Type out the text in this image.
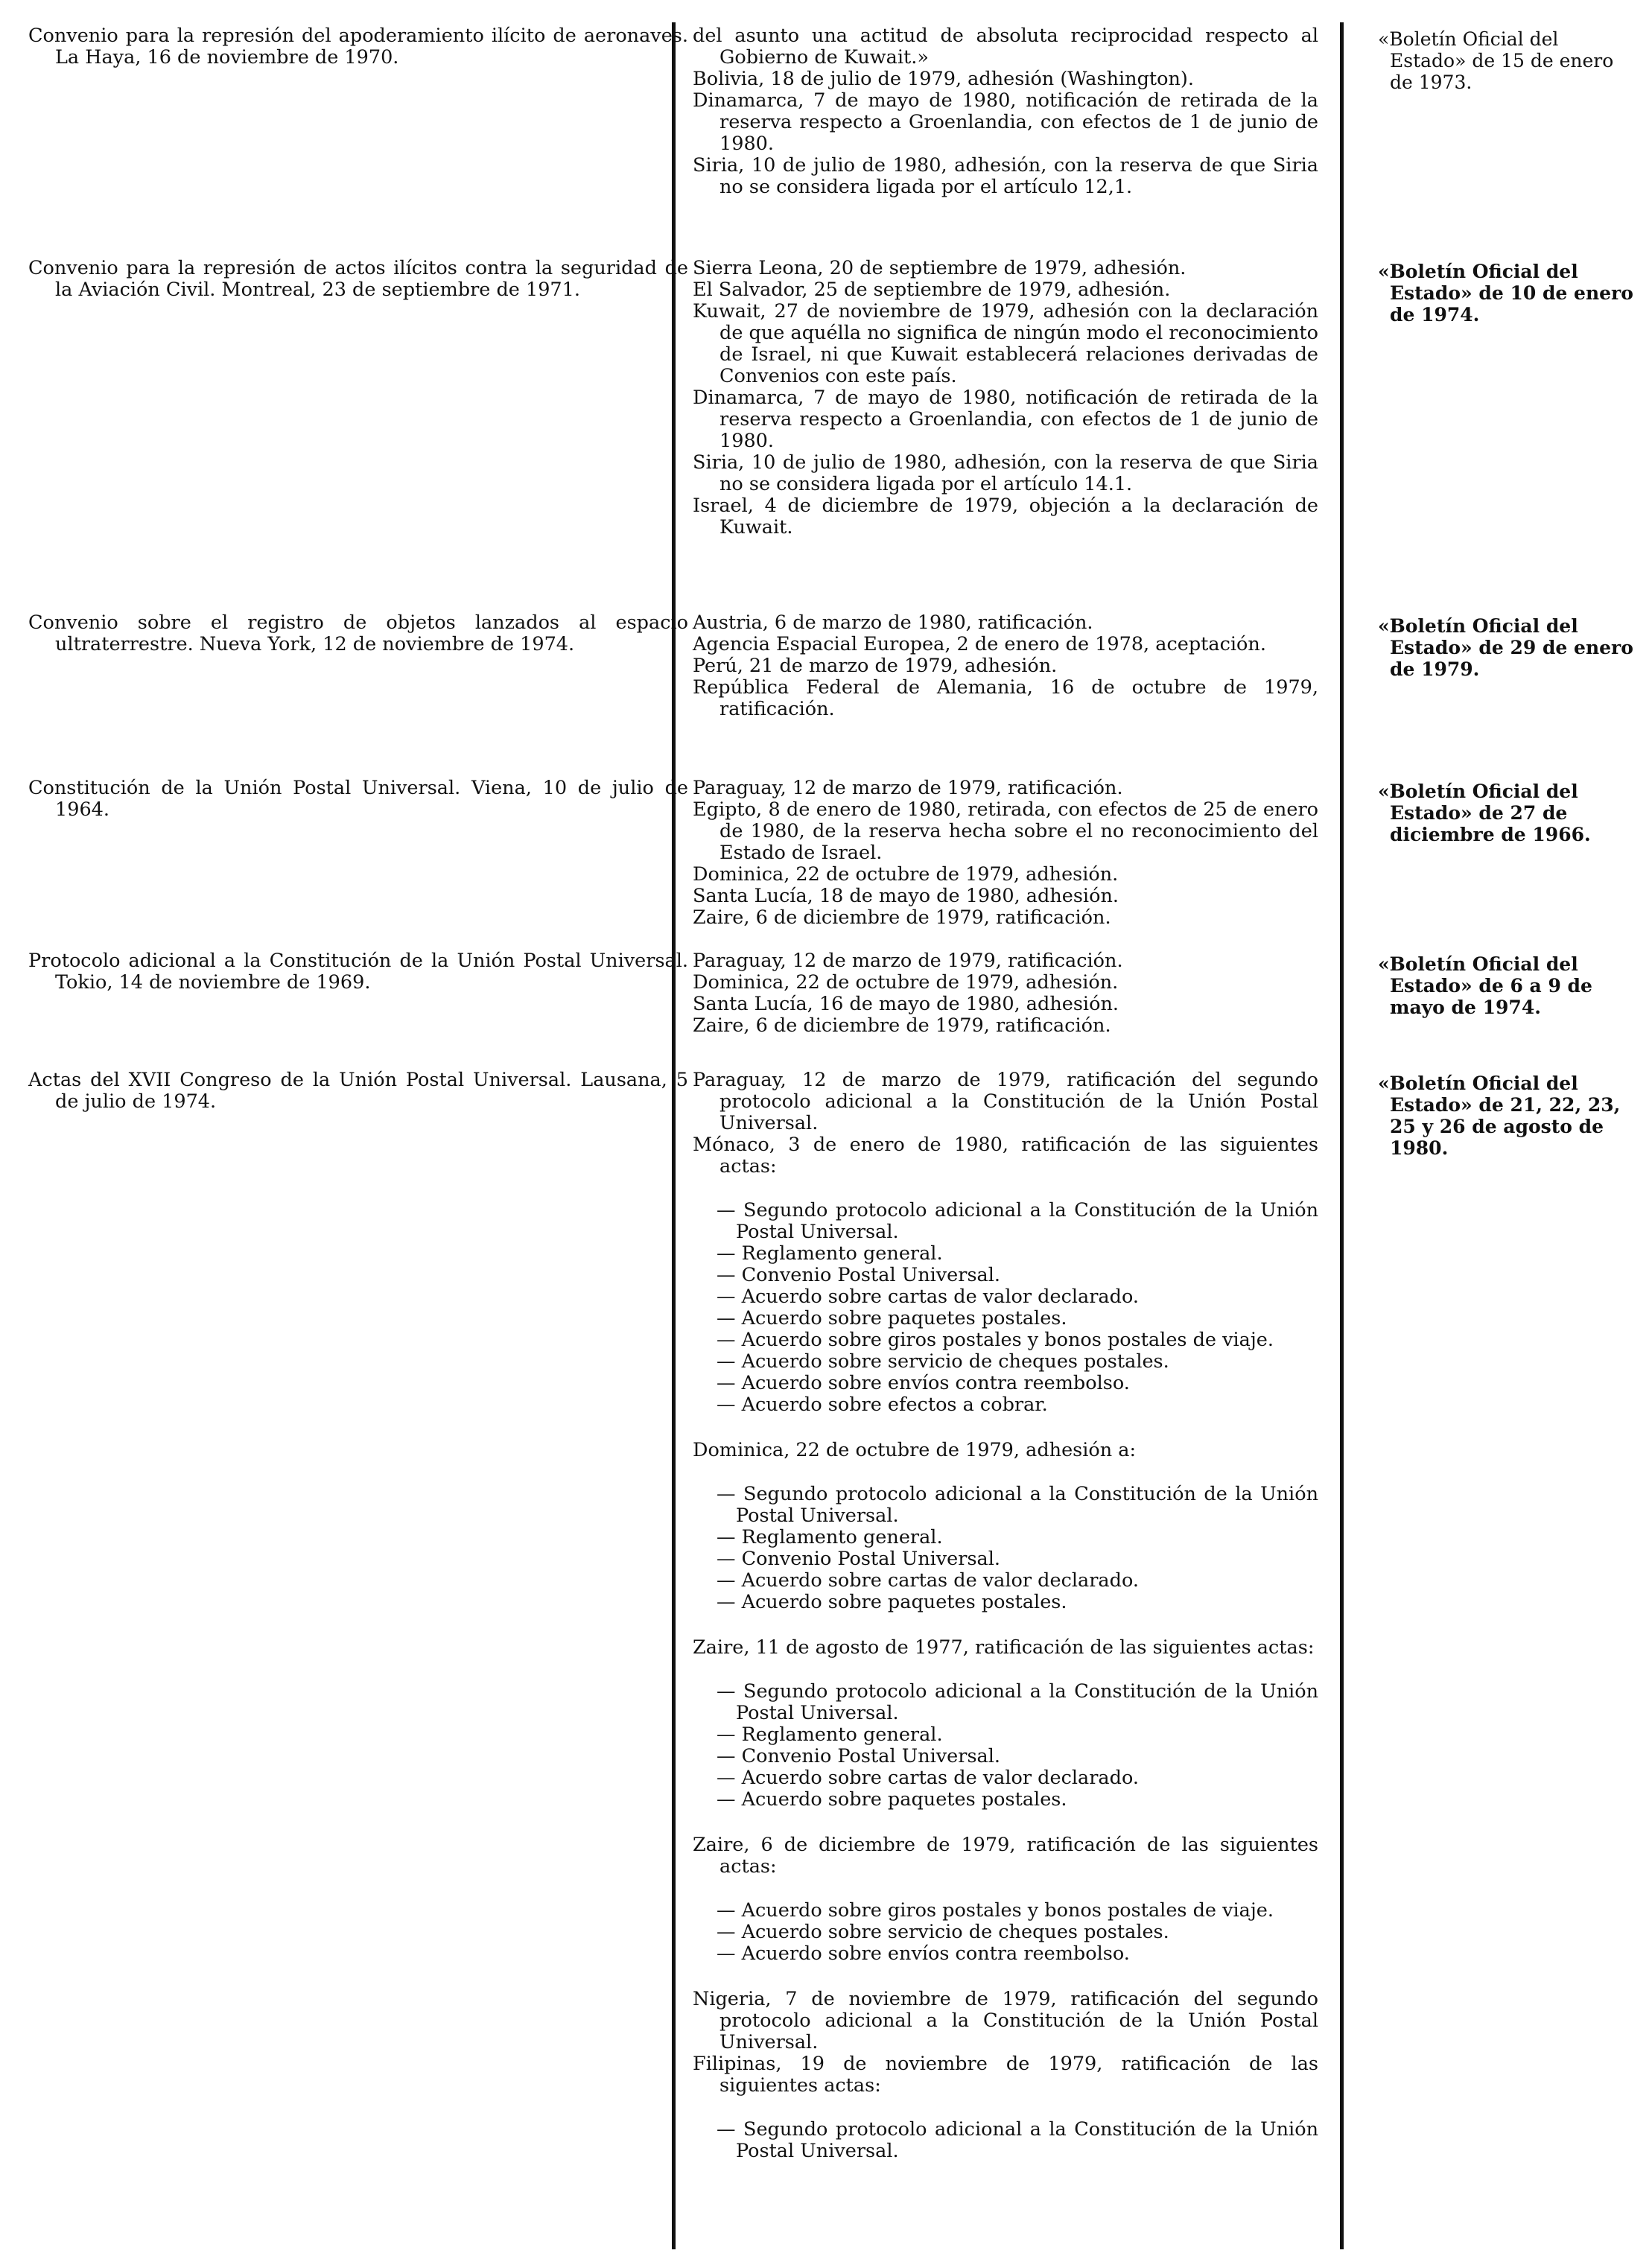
Convenio para la represión del apoderamiento ilícito de aeronaves. La Haya, 16 de noviembre de 1970.

Convenio para la represión de actos ilícitos contra la seguridad de la Aviación Civil. Montreal, 23 de septiembre de 1971.

Convenio sobre el registro de objetos lanzados al espacio ultraterrestre. Nueva York, 12 de noviembre de 1974.

Constitución de la Unión Postal Universal. Viena, 10 de julio de 1964.

Protocolo adicional a la Constitución de la Unión Postal Universal. Tokio, 14 de noviembre de 1969.

Actas del XVII Congreso de la Unión Postal Universal. Lausana, 5 de julio de 1974.

del asunto una actitud de absoluta reciprocidad respecto al Gobierno de Kuwait.»

Bolivia, 18 de julio de 1979, adhesión (Washington).

Dinamarca, 7 de mayo de 1980, notificación de retirada de la reserva respecto a Groenlandia, con efectos de 1 de junio de 1980.

Siria, 10 de julio de 1980, adhesión, con la reserva de que Siria no se considera ligada por el artículo 12,1.

Sierra Leona, 20 de septiembre de 1979, adhesión.

El Salvador, 25 de septiembre de 1979, adhesión.

Kuwait, 27 de noviembre de 1979, adhesión con la declaración de que aquélla no significa de ningún modo el reconocimiento de Israel, ni que Kuwait establecerá relaciones derivadas de Convenios con este país.

Dinamarca, 7 de mayo de 1980, notificación de retirada de la reserva respecto a Groenlandia, con efectos de 1 de junio de 1980.

Siria, 10 de julio de 1980, adhesión, con la reserva de que Siria no se considera ligada por el artículo 14.1.

Israel, 4 de diciembre de 1979, objeción a la declaración de Kuwait.

Austria, 6 de marzo de 1980, ratificación.

Agencia Espacial Europea, 2 de enero de 1978, aceptación.

Perú, 21 de marzo de 1979, adhesión.

República Federal de Alemania, 16 de octubre de 1979, ratificación.

Paraguay, 12 de marzo de 1979, ratificación.

Egipto, 8 de enero de 1980, retirada, con efectos de 25 de enero de 1980, de la reserva hecha sobre el no reconocimiento del Estado de Israel.

Dominica, 22 de octubre de 1979, adhesión.

Santa Lucía, 18 de mayo de 1980, adhesión.

Zaire, 6 de diciembre de 1979, ratificación.

Paraguay, 12 de marzo de 1979, ratificación.

Dominica, 22 de octubre de 1979, adhesión.

Santa Lucía, 16 de mayo de 1980, adhesión.

Zaire, 6 de diciembre de 1979, ratificación.

Paraguay, 12 de marzo de 1979, ratificación del segundo protocolo adicional a la Constitución de la Unión Postal Universal.

Mónaco, 3 de enero de 1980, ratificación de las siguientes actas:

— Segundo protocolo adicional a la Constitución de la Unión Postal Universal.

— Reglamento general.

— Convenio Postal Universal.

— Acuerdo sobre cartas de valor declarado.

— Acuerdo sobre paquetes postales.

— Acuerdo sobre giros postales y bonos postales de viaje.

— Acuerdo sobre servicio de cheques postales.

— Acuerdo sobre envíos contra reembolso.

— Acuerdo sobre efectos a cobrar.

Dominica, 22 de octubre de 1979, adhesión a:

— Segundo protocolo adicional a la Constitución de la Unión Postal Universal.

— Reglamento general.

— Convenio Postal Universal.

— Acuerdo sobre cartas de valor declarado.

— Acuerdo sobre paquetes postales.

Zaire, 11 de agosto de 1977, ratificación de las siguientes actas:

— Segundo protocolo adicional a la Constitución de la Unión Postal Universal.

— Reglamento general.

— Convenio Postal Universal.

— Acuerdo sobre cartas de valor declarado.

— Acuerdo sobre paquetes postales.

Zaire, 6 de diciembre de 1979, ratificación de las siguientes actas:

— Acuerdo sobre giros postales y bonos postales de viaje.

— Acuerdo sobre servicio de cheques postales.

— Acuerdo sobre envíos contra reembolso.

Nigeria, 7 de noviembre de 1979, ratificación del segundo protocolo adicional a la Constitución de la Unión Postal Universal.

Filipinas, 19 de noviembre de 1979, ratificación de las siguientes actas:

— Segundo protocolo adicional a la Constitución de la Unión Postal Universal.

«Boletín Oficial del Estado» de 15 de enero de 1973.

«Boletín Oficial del Estado» de 10 de enero de 1974.

«Boletín Oficial del Estado» de 29 de enero de 1979.

«Boletín Oficial del Estado» de 27 de diciembre de 1966.

«Boletín Oficial del Estado» de 6 a 9 de mayo de 1974.

«Boletín Oficial del Estado» de 21, 22, 23, 25 y 26 de agosto de 1980.
